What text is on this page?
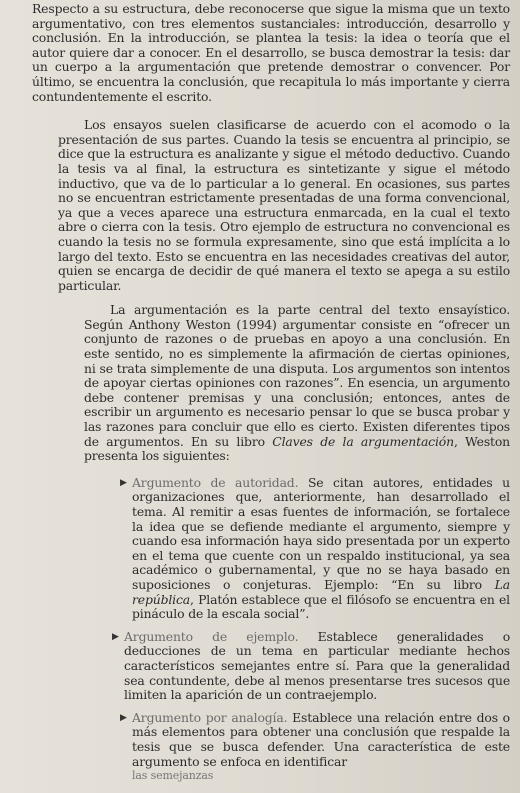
Respecto a su estructura, debe reconocerse que sigue la misma que un texto argumentativo, con tres elementos sustanciales: introducción, desarrollo y conclusión. En la introducción, se plantea la tesis: la idea o teoría que el autor quiere dar a conocer. En el desarrollo, se busca demostrar la tesis: dar un cuerpo a la argumentación que pretende demostrar o convencer. Por último, se encuentra la conclusión, que recapitula lo más importante y cierra contundentemente el escrito.

Los ensayos suelen clasificarse de acuerdo con el acomodo o la presentación de sus partes. Cuando la tesis se encuentra al principio, se dice que la estructura es analizante y sigue el método deductivo. Cuando la tesis va al final, la estructura es sintetizante y sigue el método inductivo, que va de lo particular a lo general. En ocasiones, sus partes no se encuentran estrictamente presentadas de una forma convencional, ya que a veces aparece una estructura enmarcada, en la cual el texto abre o cierra con la tesis. Otro ejemplo de estructura no convencional es cuando la tesis no se formula expresamente, sino que está implícita a lo largo del texto. Esto se encuentra en las necesidades creativas del autor, quien se encarga de decidir de qué manera el texto se apega a su estilo particular.

La argumentación es la parte central del texto ensayístico. Según Anthony Weston (1994) argumentar consiste en “ofrecer un conjunto de razones o de pruebas en apoyo a una conclusión. En este sentido, no es simplemente la afirmación de ciertas opiniones, ni se trata simplemente de una disputa. Los argumentos son intentos de apoyar ciertas opiniones con razones”. En esencia, un argumento debe contener premisas y una conclusión; entonces, antes de escribir un argumento es necesario pensar lo que se busca probar y las razones para concluir que ello es cierto. Existen diferentes tipos de argumentos. En su libro Claves de la argumentación, Weston presenta los siguientes:

▶ Argumento de autoridad. Se citan autores, entidades u organizaciones que, anteriormente, han desarrollado el tema. Al remitir a esas fuentes de información, se fortalece la idea que se defiende mediante el argumento, siempre y cuando esa información haya sido presentada por un experto en el tema que cuente con un respaldo institucional, ya sea académico o gubernamental, y que no se haya basado en suposiciones o conjeturas. Ejemplo: “En su libro La república, Platón establece que el filósofo se encuentra en el pináculo de la escala social”.
▶ Argumento de ejemplo. Establece generalidades o deducciones de un tema en particular mediante hechos característicos semejantes entre sí. Para que la generalidad sea contundente, debe al menos presentarse tres sucesos que limiten la aparición de un contraejemplo.
▶ Argumento por analogía. Establece una relación entre dos o más elementos para obtener una conclusión que respalde la tesis que se busca defender. Una característica de este argumento se enfoca en identificar
las semejanzas
